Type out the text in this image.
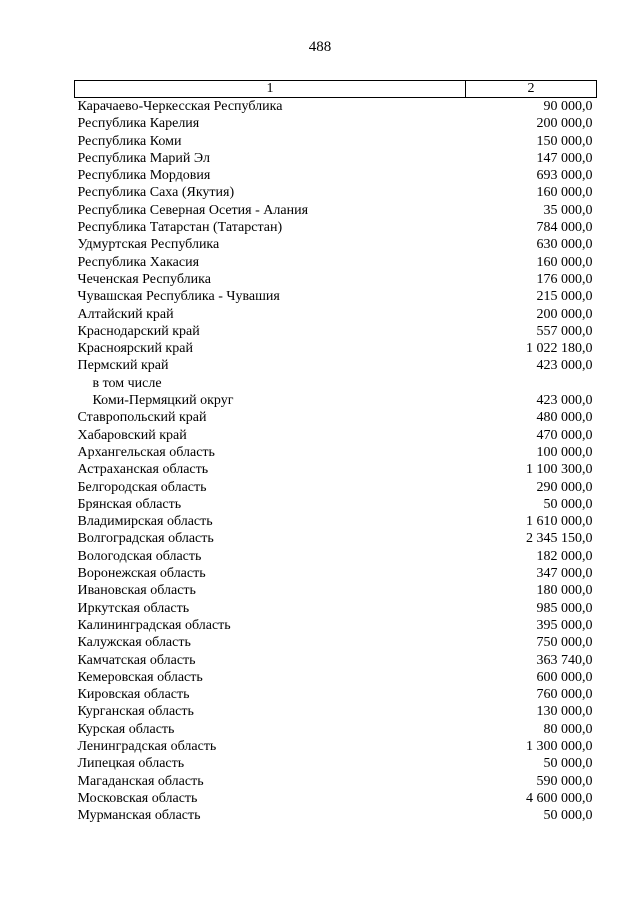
488
1	2
Карачаево-Черкесская Республика	90 000,0
Республика Карелия	200 000,0
Республика Коми	150 000,0
Республика Марий Эл	147 000,0
Республика Мордовия	693 000,0
Республика Саха (Якутия)	160 000,0
Республика Северная Осетия - Алания	35 000,0
Республика Татарстан (Татарстан)	784 000,0
Удмуртская Республика	630 000,0
Республика Хакасия	160 000,0
Чеченская Республика	176 000,0
Чувашская Республика - Чувашия	215 000,0
Алтайский край	200 000,0
Краснодарский край	557 000,0
Красноярский край	1 022 180,0
Пермский край	423 000,0
в том числе	
Коми-Пермяцкий округ	423 000,0
Ставропольский край	480 000,0
Хабаровский край	470 000,0
Архангельская область	100 000,0
Астраханская область	1 100 300,0
Белгородская область	290 000,0
Брянская область	50 000,0
Владимирская область	1 610 000,0
Волгоградская область	2 345 150,0
Вологодская область	182 000,0
Воронежская область	347 000,0
Ивановская область	180 000,0
Иркутская область	985 000,0
Калининградская область	395 000,0
Калужская область	750 000,0
Камчатская область	363 740,0
Кемеровская область	600 000,0
Кировская область	760 000,0
Курганская область	130 000,0
Курская область	80 000,0
Ленинградская область	1 300 000,0
Липецкая область	50 000,0
Магаданская область	590 000,0
Московская область	4 600 000,0
Мурманская область	50 000,0
